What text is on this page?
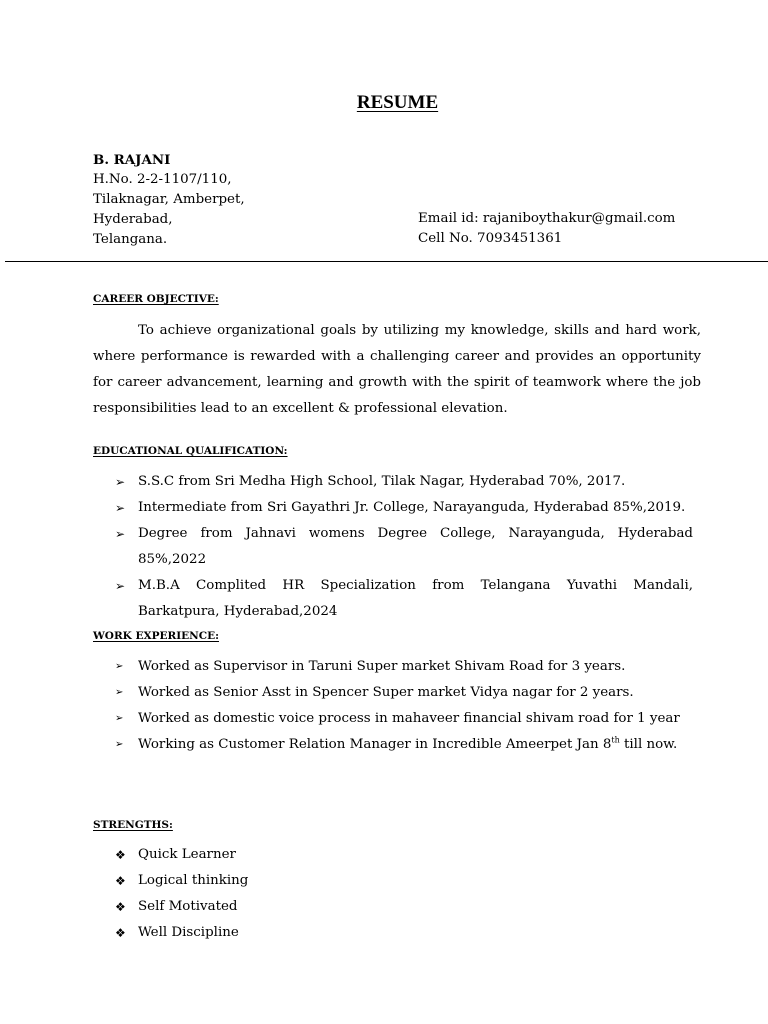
RESUME
B. RAJANI
H.No. 2-2-1107/110,
Tilaknagar, Amberpet,
Hyderabad,
Telangana.
Email id: rajaniboythakur@gmail.com
Cell No. 7093451361
CAREER OBJECTIVE:
To achieve organizational goals by utilizing my knowledge, skills and hard work, where performance is rewarded with a challenging career and provides an opportunity for career advancement, learning and growth with the spirit of teamwork where the job responsibilities lead to an excellent & professional elevation.
EDUCATIONAL QUALIFICATION:
➢ S.S.C from Sri Medha High School, Tilak Nagar, Hyderabad 70%, 2017.
➢ Intermediate from Sri Gayathri Jr. College, Narayanguda, Hyderabad 85%,2019.
➢ Degree from Jahnavi womens Degree College, Narayanguda, Hyderabad 85%,2022
➢ M.B.A Complited HR Specialization from Telangana Yuvathi Mandali, Barkatpura, Hyderabad,2024
WORK EXPERIENCE:
➢ Worked as Supervisor in Taruni Super market Shivam Road for 3 years.
➢ Worked as Senior Asst in Spencer Super market Vidya nagar for 2 years.
➢ Worked as domestic voice process in mahaveer financial shivam road for 1 year
➢ Working as Customer Relation Manager in Incredible Ameerpet Jan 8th till now.
STRENGTHS:
❖ Quick Learner
❖ Logical thinking
❖ Self Motivated
❖ Well Discipline
